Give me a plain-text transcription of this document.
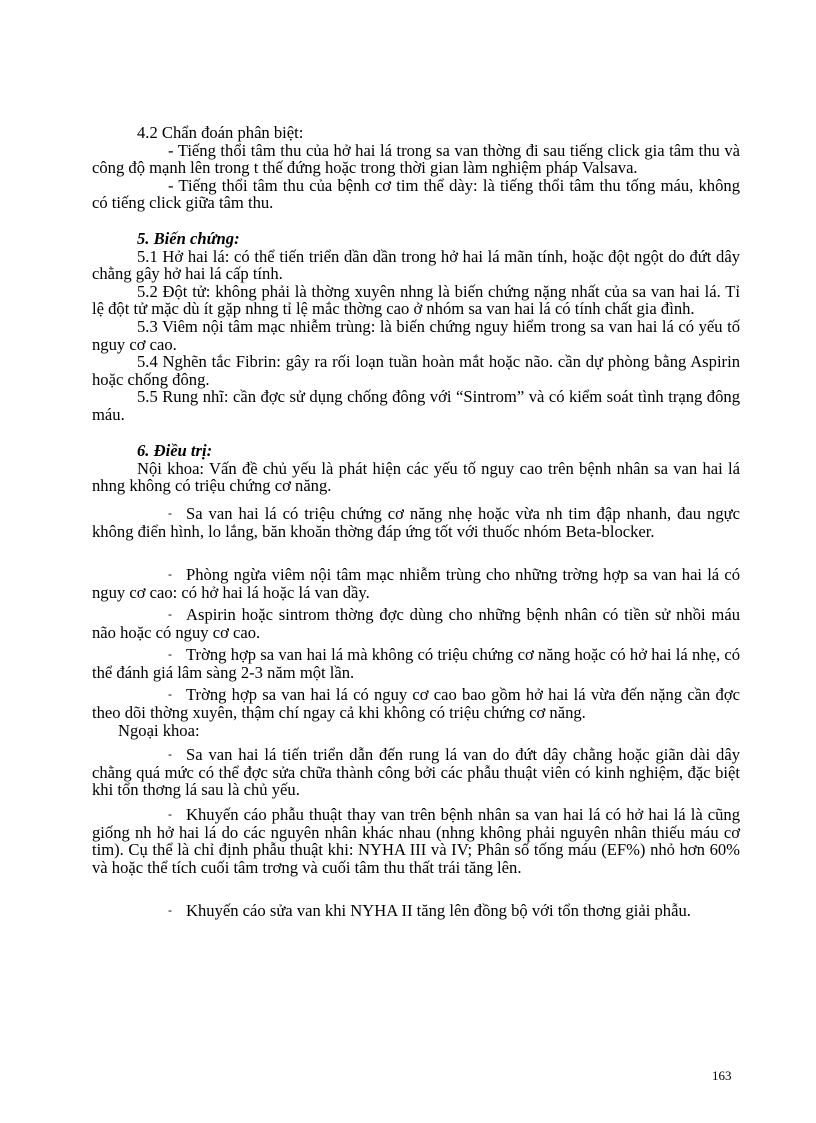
4.2 Chẩn đoán phân biệt:

- Tiếng thổi tâm thu của hở hai lá trong sa van thờng đi sau tiếng click gia tâm thu và công độ mạnh lên trong t thế đứng hoặc trong thời gian làm nghiệm pháp Valsava.

- Tiếng thổi tâm thu của bệnh cơ tim thể dày: là tiếng thổi tâm thu tống máu, không có tiếng click giữa tâm thu.

5. Biến chứng:

5.1 Hở hai lá: có thể tiến triển dần dần trong hở hai lá mãn tính, hoặc đột ngột do đứt dây chằng gây hở hai lá cấp tính.

5.2 Đột tử: không phải là thờng xuyên nhng là biến chứng nặng nhất của sa van hai lá. Tỉ lệ đột tử mặc dù ít gặp nhng tỉ lệ mắc thờng cao ở nhóm sa van hai lá có tính chất gia đình.

5.3 Viêm nội tâm mạc nhiễm trùng: là biến chứng nguy hiểm trong sa van hai lá có yếu tố nguy cơ cao.

5.4 Nghẽn tắc Fibrin: gây ra rối loạn tuần hoàn mắt hoặc não. cần dự phòng bằng Aspirin hoặc chống đông.

5.5 Rung nhĩ: cần đợc sử dụng chống đông với “Sintrom” và có kiểm soát tình trạng đông máu.

6. Điều trị:

Nội khoa: Vấn đề chủ yếu là phát hiện các yếu tố nguy cao trên bệnh nhân sa van hai lá nhng không có triệu chứng cơ năng.

- Sa van hai lá có triệu chứng cơ năng nhẹ hoặc vừa nh tim đập nhanh, đau ngực không điển hình, lo lắng, băn khoăn thờng đáp ứng tốt với thuốc nhóm Beta-blocker.
- Phòng ngừa viêm nội tâm mạc nhiễm trùng cho những trờng hợp sa van hai lá có nguy cơ cao: có hở hai lá hoặc lá van dầy.
- Aspirin hoặc sintrom thờng đợc dùng cho những bệnh nhân có tiền sử nhồi máu não hoặc có nguy cơ cao.
- Trờng hợp sa van hai lá mà không có triệu chứng cơ năng hoặc có hở hai lá nhẹ, có thể đánh giá lâm sàng 2-3 năm một lần.
- Trờng hợp sa van hai lá có nguy cơ cao bao gồm hở hai lá vừa đến nặng cần đợc theo dõi thờng xuyên, thậm chí ngay cả khi không có triệu chứng cơ năng.
Ngoại khoa:
- Sa van hai lá tiến triển dẫn đến rung lá van do đứt dây chằng hoặc giãn dài dây chằng quá mức có thể đợc sửa chữa thành công bởi các phẫu thuật viên có kinh nghiệm, đặc biệt khi tổn thơng lá sau là chủ yếu.
- Khuyến cáo phẫu thuật thay van trên bệnh nhân sa van hai lá có hở hai lá là cũng giống nh hở hai lá do các nguyên nhân khác nhau (nhng không phải nguyên nhân thiếu máu cơ tim). Cụ thể là chỉ định phẫu thuật khi: NYHA III và IV; Phân số tống máu (EF%) nhỏ hơn 60% và hoặc thể tích cuối tâm trơng và cuối tâm thu thất trái tăng lên.
- Khuyến cáo sửa van khi NYHA II tăng lên đồng bộ với tổn thơng giải phẫu.
163
